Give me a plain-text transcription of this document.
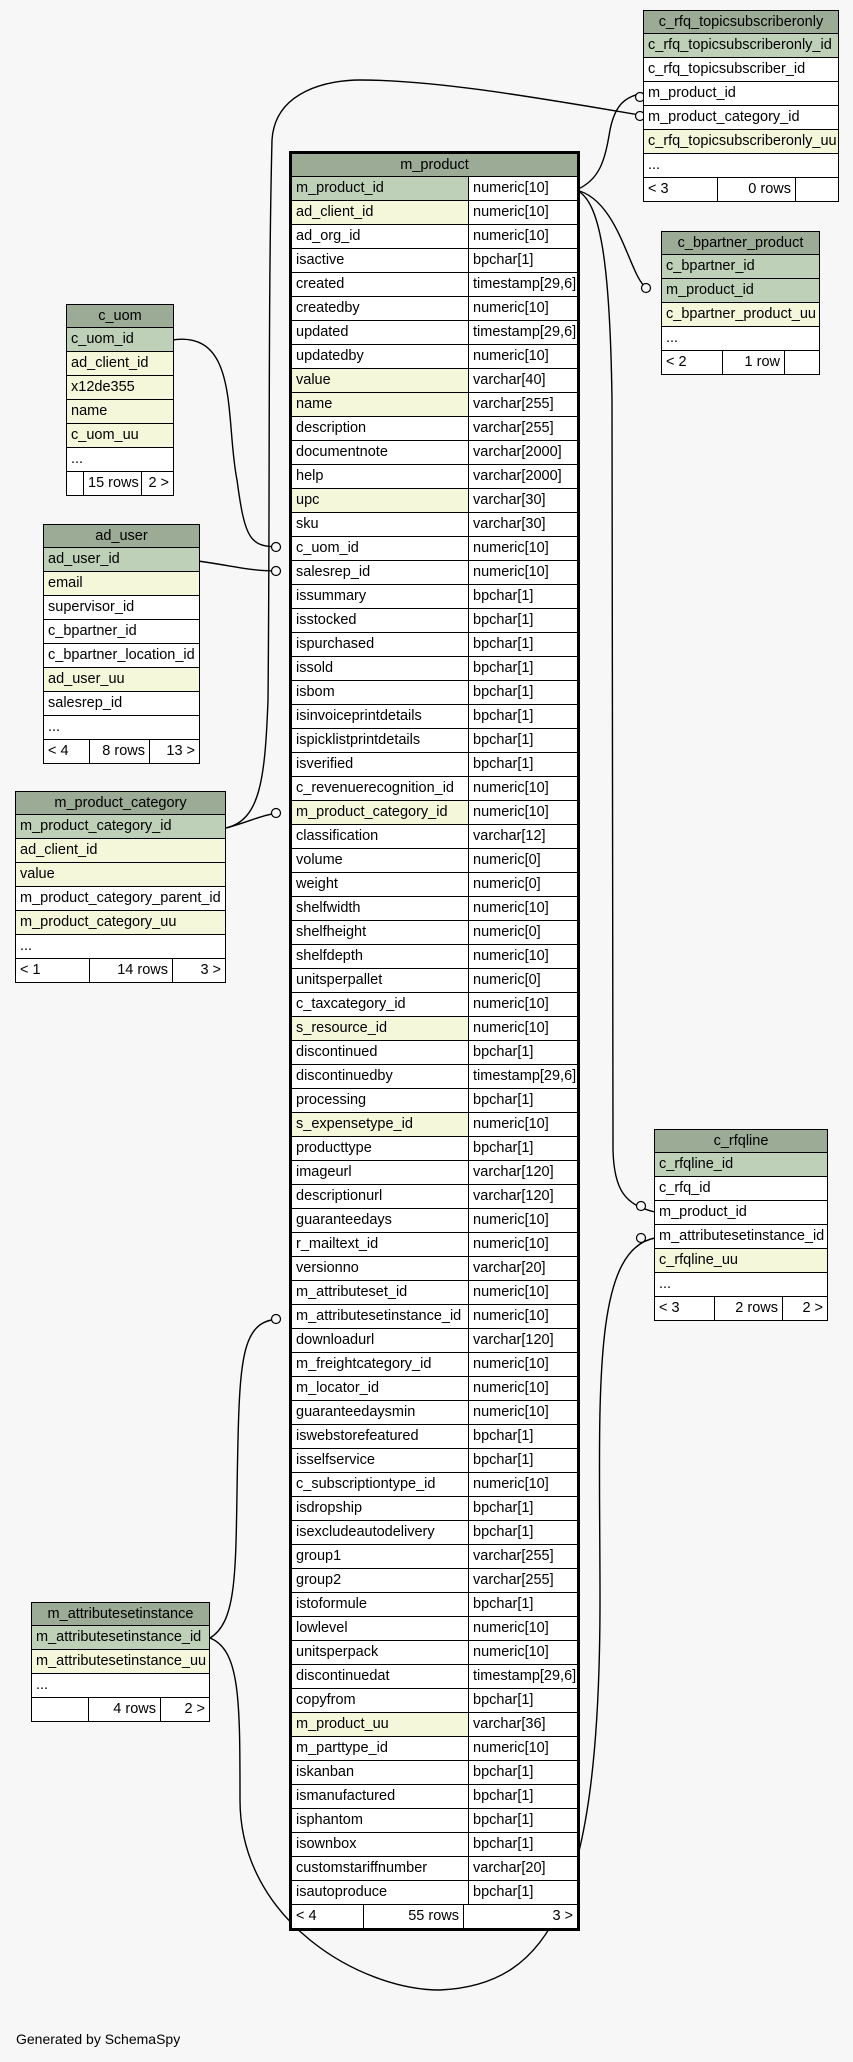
c_rfq_topicsubscriberonly
c_rfq_topicsubscriberonly_id
c_rfq_topicsubscriber_id
m_product_id
m_product_category_id
c_rfq_topicsubscriberonly_uu
...
< 3	0 rows
c_bpartner_product
c_bpartner_id
m_product_id
c_bpartner_product_uu
...
< 2	1 row
c_uom
c_uom_id
ad_client_id
x12de355
name
c_uom_uu
...
15 rows 2 >
ad_user
ad_user_id
email
supervisor_id
c_bpartner_id
c_bpartner_location_id
ad_user_uu
salesrep_id
...
< 4	8 rows	13 >
m_product_category
m_product_category_id
ad_client_id
value
m_product_category_parent_id
m_product_category_uu
...
< 1	14 rows	3 >
m_product
m_product_id	numeric[10]
ad_client_id	numeric[10]
ad_org_id	numeric[10]
isactive	bpchar[1]
created	timestamp[29,6]
createdby	numeric[10]
updated	timestamp[29,6]
updatedby	numeric[10]
value	varchar[40]
name	varchar[255]
description	varchar[255]
documentnote	varchar[2000]
help	varchar[2000]
upc	varchar[30]
sku	varchar[30]
c_uom_id	numeric[10]
salesrep_id	numeric[10]
issummary	bpchar[1]
isstocked	bpchar[1]
ispurchased	bpchar[1]
issold	bpchar[1]
isbom	bpchar[1]
isinvoiceprintdetails	bpchar[1]
ispicklistprintdetails	bpchar[1]
isverified	bpchar[1]
c_revenuerecognition_id	numeric[10]
m_product_category_id	numeric[10]
classification	varchar[12]
volume	numeric[0]
weight	numeric[0]
shelfwidth	numeric[10]
shelfheight	numeric[0]
shelfdepth	numeric[10]
unitsperpallet	numeric[0]
c_taxcategory_id	numeric[10]
s_resource_id	numeric[10]
discontinued	bpchar[1]
discontinuedby	timestamp[29,6]
processing	bpchar[1]
s_expensetype_id	numeric[10]
producttype	bpchar[1]
imageurl	varchar[120]
descriptionurl	varchar[120]
guaranteedays	numeric[10]
r_mailtext_id	numeric[10]
versionno	varchar[20]
m_attributeset_id	numeric[10]
m_attributesetinstance_id numeric[10]
downloadurl	varchar[120]
m_freightcategory_id	numeric[10]
m_locator_id	numeric[10]
guaranteedaysmin	numeric[10]
iswebstorefeatured	bpchar[1]
isselfservice	bpchar[1]
c_subscriptiontype_id	numeric[10]
isdropship	bpchar[1]
isexcludeautodelivery	bpchar[1]
group1	varchar[255]
group2	varchar[255]
istoformule	bpchar[1]
lowlevel	numeric[10]
unitsperpack	numeric[10]
discontinuedat	timestamp[29,6]
copyfrom	bpchar[1]
m_product_uu	varchar[36]
m_parttype_id	numeric[10]
iskanban	bpchar[1]
ismanufactured	bpchar[1]
isphantom	bpchar[1]
isownbox	bpchar[1]
customstariffnumber	varchar[20]
isautoproduce	bpchar[1]
< 4	55 rows	3 >
c_rfqline
c_rfqline_id
c_rfq_id
m_product_id
m_attributesetinstance_id
c_rfqline_uu
...
< 3	2 rows	2 >
m_attributesetinstance
m_attributesetinstance_id
m_attributesetinstance_uu
...
4 rows	2 >
Generated by SchemaSpy
